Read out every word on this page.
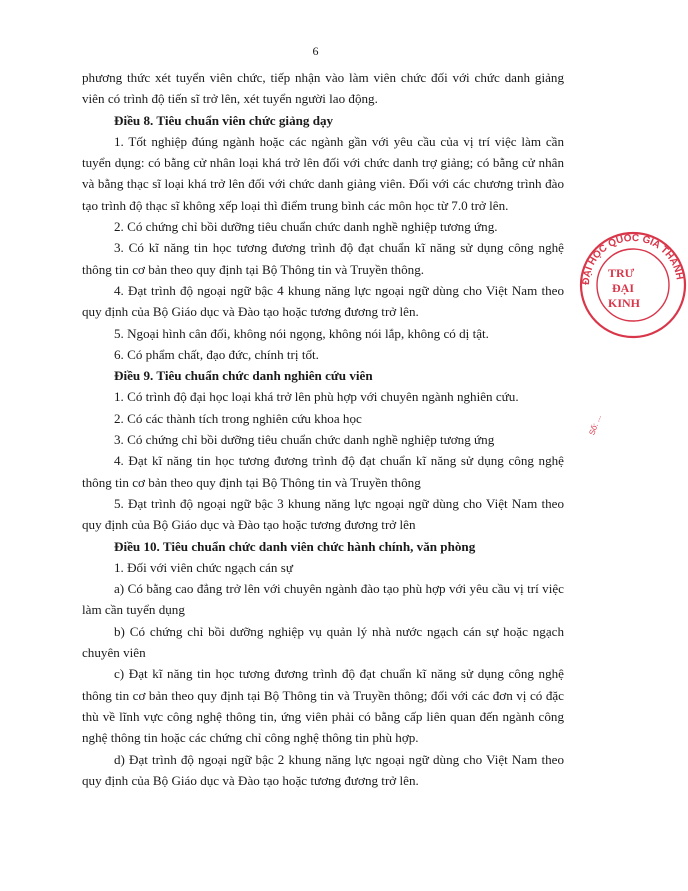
6

phương thức xét tuyển viên chức, tiếp nhận vào làm viên chức đối với chức danh giảng viên có trình độ tiến sĩ trở lên, xét tuyển người lao động.

Điều 8. Tiêu chuẩn viên chức giảng dạy

1. Tốt nghiệp đúng ngành hoặc các ngành gần với yêu cầu của vị trí việc làm cần tuyển dụng: có bằng cử nhân loại khá trở lên đối với chức danh trợ giảng; có bằng cử nhân và bằng thạc sĩ loại khá trở lên đối với chức danh giảng viên. Đối với các chương trình đào tạo trình độ thạc sĩ không xếp loại thì điểm trung bình các môn học từ 7.0 trở lên.

2. Có chứng chỉ bồi dưỡng tiêu chuẩn chức danh nghề nghiệp tương ứng.

3. Có kĩ năng tin học tương đương trình độ đạt chuẩn kĩ năng sử dụng công nghệ thông tin cơ bản theo quy định tại Bộ Thông tin và Truyền thông.

4. Đạt trình độ ngoại ngữ bậc 4 khung năng lực ngoại ngữ dùng cho Việt Nam theo quy định của Bộ Giáo dục và Đào tạo hoặc tương đương trở lên.

5. Ngoại hình cân đối, không nói ngọng, không nói lắp, không có dị tật.

6. Có phẩm chất, đạo đức, chính trị tốt.

Điều 9. Tiêu chuẩn chức danh nghiên cứu viên

1. Có trình độ đại học loại khá trở lên phù hợp với chuyên ngành nghiên cứu.

2. Có các thành tích trong nghiên cứu khoa học

3. Có chứng chỉ bồi dưỡng tiêu chuẩn chức danh nghề nghiệp tương ứng

4. Đạt kĩ năng tin học tương đương trình độ đạt chuẩn kĩ năng sử dụng công nghệ thông tin cơ bản theo quy định tại Bộ Thông tin và Truyền thông

5. Đạt trình độ ngoại ngữ bậc 3 khung năng lực ngoại ngữ dùng cho Việt Nam theo quy định của Bộ Giáo dục và Đào tạo hoặc tương đương trở lên

Điều 10. Tiêu chuẩn chức danh viên chức hành chính, văn phòng

1. Đối với viên chức ngạch cán sự

a) Có bằng cao đẳng trở lên với chuyên ngành đào tạo phù hợp với yêu cầu vị trí việc làm cần tuyển dụng

b) Có chứng chỉ bồi dưỡng nghiệp vụ quản lý nhà nước ngạch cán sự hoặc ngạch chuyên viên

c) Đạt kĩ năng tin học tương đương trình độ đạt chuẩn kĩ năng sử dụng công nghệ thông tin cơ bản theo quy định tại Bộ Thông tin và Truyền thông; đối với các đơn vị có đặc thù về lĩnh vực công nghệ thông tin, ứng viên phải có bằng cấp liên quan đến ngành công nghệ thông tin hoặc các chứng chỉ công nghệ thông tin phù hợp.

d) Đạt trình độ ngoại ngữ bậc 2 khung năng lực ngoại ngữ dùng cho Việt Nam theo quy định của Bộ Giáo dục và Đào tạo hoặc tương đương trở lên.

ĐẠI HỌC QUỐC GIA THÀNH
TRƯ
ĐẠI
KINH
Số: ...
